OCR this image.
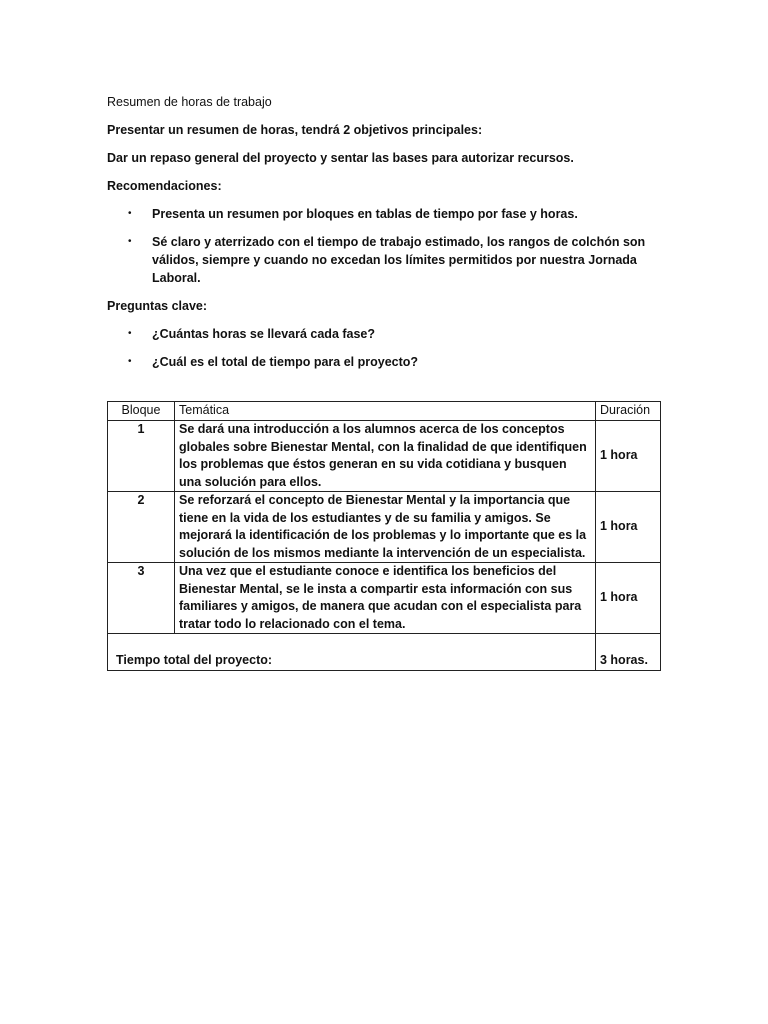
Resumen de horas de trabajo

Presentar un resumen de horas, tendrá 2 objetivos principales:

Dar un repaso general del proyecto y sentar las bases para autorizar recursos.

Recomendaciones:

• Presenta un resumen por bloques en tablas de tiempo por fase y horas.
• Sé claro y aterrizado con el tiempo de trabajo estimado, los rangos de colchón son válidos, siempre y cuando no excedan los límites permitidos por nuestra Jornada Laboral.

Preguntas clave:

• ¿Cuántas horas se llevará cada fase?
• ¿Cuál es el total de tiempo para el proyecto?
Bloque	Temática	Duración
1	Se dará una introducción a los alumnos acerca de los conceptos globales sobre Bienestar Mental, con la finalidad de que identifiquen los problemas que éstos generan en su vida cotidiana y busquen una solución para ellos.	1 hora
2	Se reforzará el concepto de Bienestar Mental y la importancia que tiene en la vida de los estudiantes y de su familia y amigos. Se mejorará la identificación de los problemas y lo importante que es la solución de los mismos mediante la intervención de un especialista.	1 hora
3	Una vez que el estudiante conoce e identifica los beneficios del Bienestar Mental, se le insta a compartir esta información con sus familiares y amigos, de manera que acudan con el especialista para tratar todo lo relacionado con el tema.	1 hora
Tiempo total del proyecto:		3 horas.
